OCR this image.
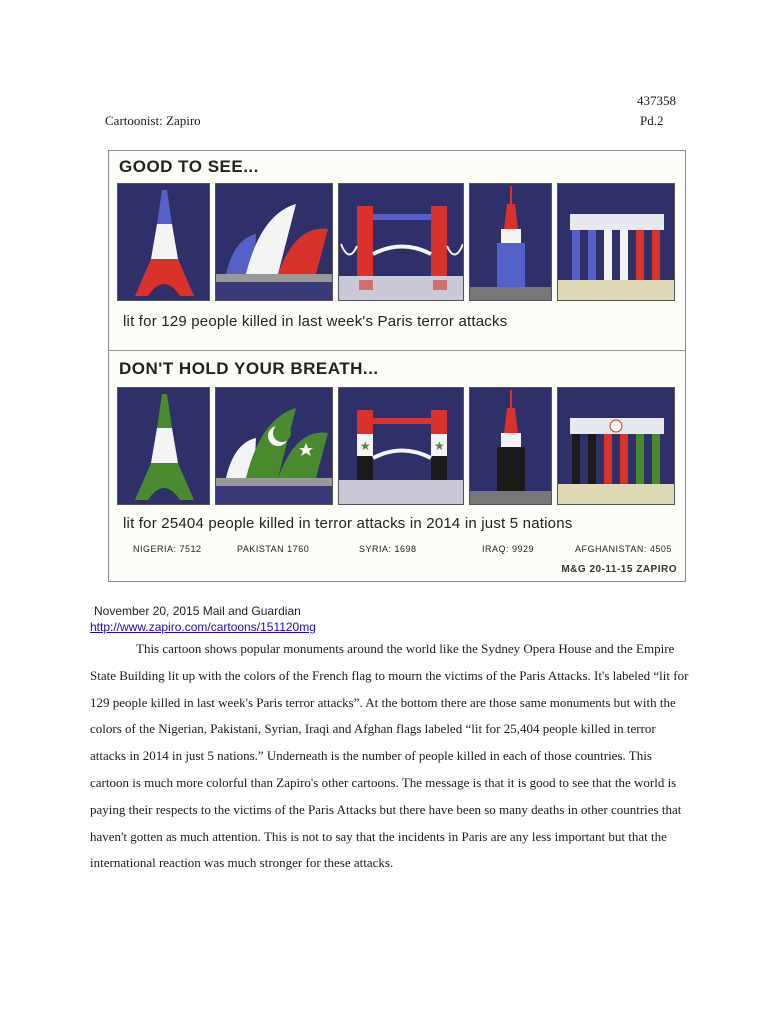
437358
Pd.2
Cartoonist: Zapiro
GOOD TO SEE...
lit for 129 people killed in last week's Paris terror attacks
DON'T HOLD YOUR BREATH...
★	★
lit for 25404 people killed in terror attacks in 2014 in just 5 nations
NIGERIA: 7512	PAKISTAN 1760	SYRIA: 1698	IRAQ: 9929	AFGHANISTAN: 4505
M&G 20-11-15 ZAPIRO
November 20, 2015 Mail and Guardian
http://www.zapiro.com/cartoons/151120mg

This cartoon shows popular monuments around the world like the Sydney Opera House and the Empire State Building lit up with the colors of the French flag to mourn the victims of the Paris Attacks. It's labeled “lit for 129 people killed in last week's Paris terror attacks”. At the bottom there are those same monuments but with the colors of the Nigerian, Pakistani, Syrian, Iraqi and Afghan flags labeled “lit for 25,404 people killed in terror attacks in 2014 in just 5 nations.” Underneath is the number of people killed in each of those countries. This cartoon is much more colorful than Zapiro's other cartoons. The message is that it is good to see that the world is paying their respects to the victims of the Paris Attacks but there have been so many deaths in other countries that haven't gotten as much attention. This is not to say that the incidents in Paris are any less important but that the international reaction was much stronger for these attacks.
